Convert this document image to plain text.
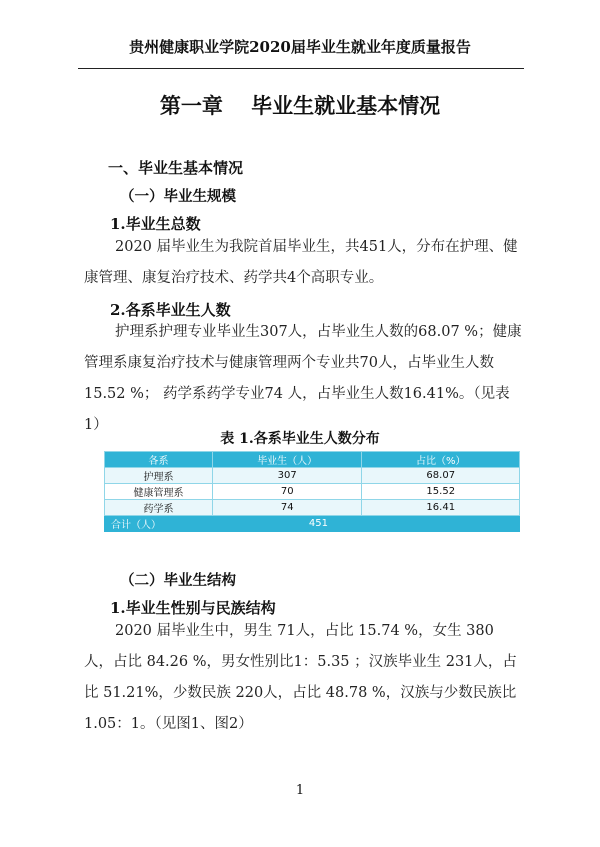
贵州健康职业学院2020届毕业生就业年度质量报告
第一章　 毕业生就业基本情况
一、毕业生基本情况
（一）毕业生规模
1.毕业生总数

2020 届毕业生为我院首届毕业生，共451人，分布在护理、健康管理、康复治疗技术、药学共4个高职专业。

2.各系毕业生人数

护理系护理专业毕业生307人，占毕业生人数的68.07 %；健康管理系康复治疗技术与健康管理两个专业共70人，占毕业生人数15.52 %； 药学系药学专业74 人，占毕业生人数16.41%。（见表1）

表 1.各系毕业生人数分布
各系	毕业生（人）	占比（%）
护理系	307	68.07
健康管理系	70	15.52
药学系	74	16.41
合计（人）	451	
（二）毕业生结构
1.毕业生性别与民族结构

2020 届毕业生中，男生 71人，占比 15.74 %，女生 380人，占比 84.26 %，男女性别比1：5.35 ；汉族毕业生 231人，占比 51.21%，少数民族 220人，占比 48.78 %，汉族与少数民族比1.05：1。（见图1、图2）

1
